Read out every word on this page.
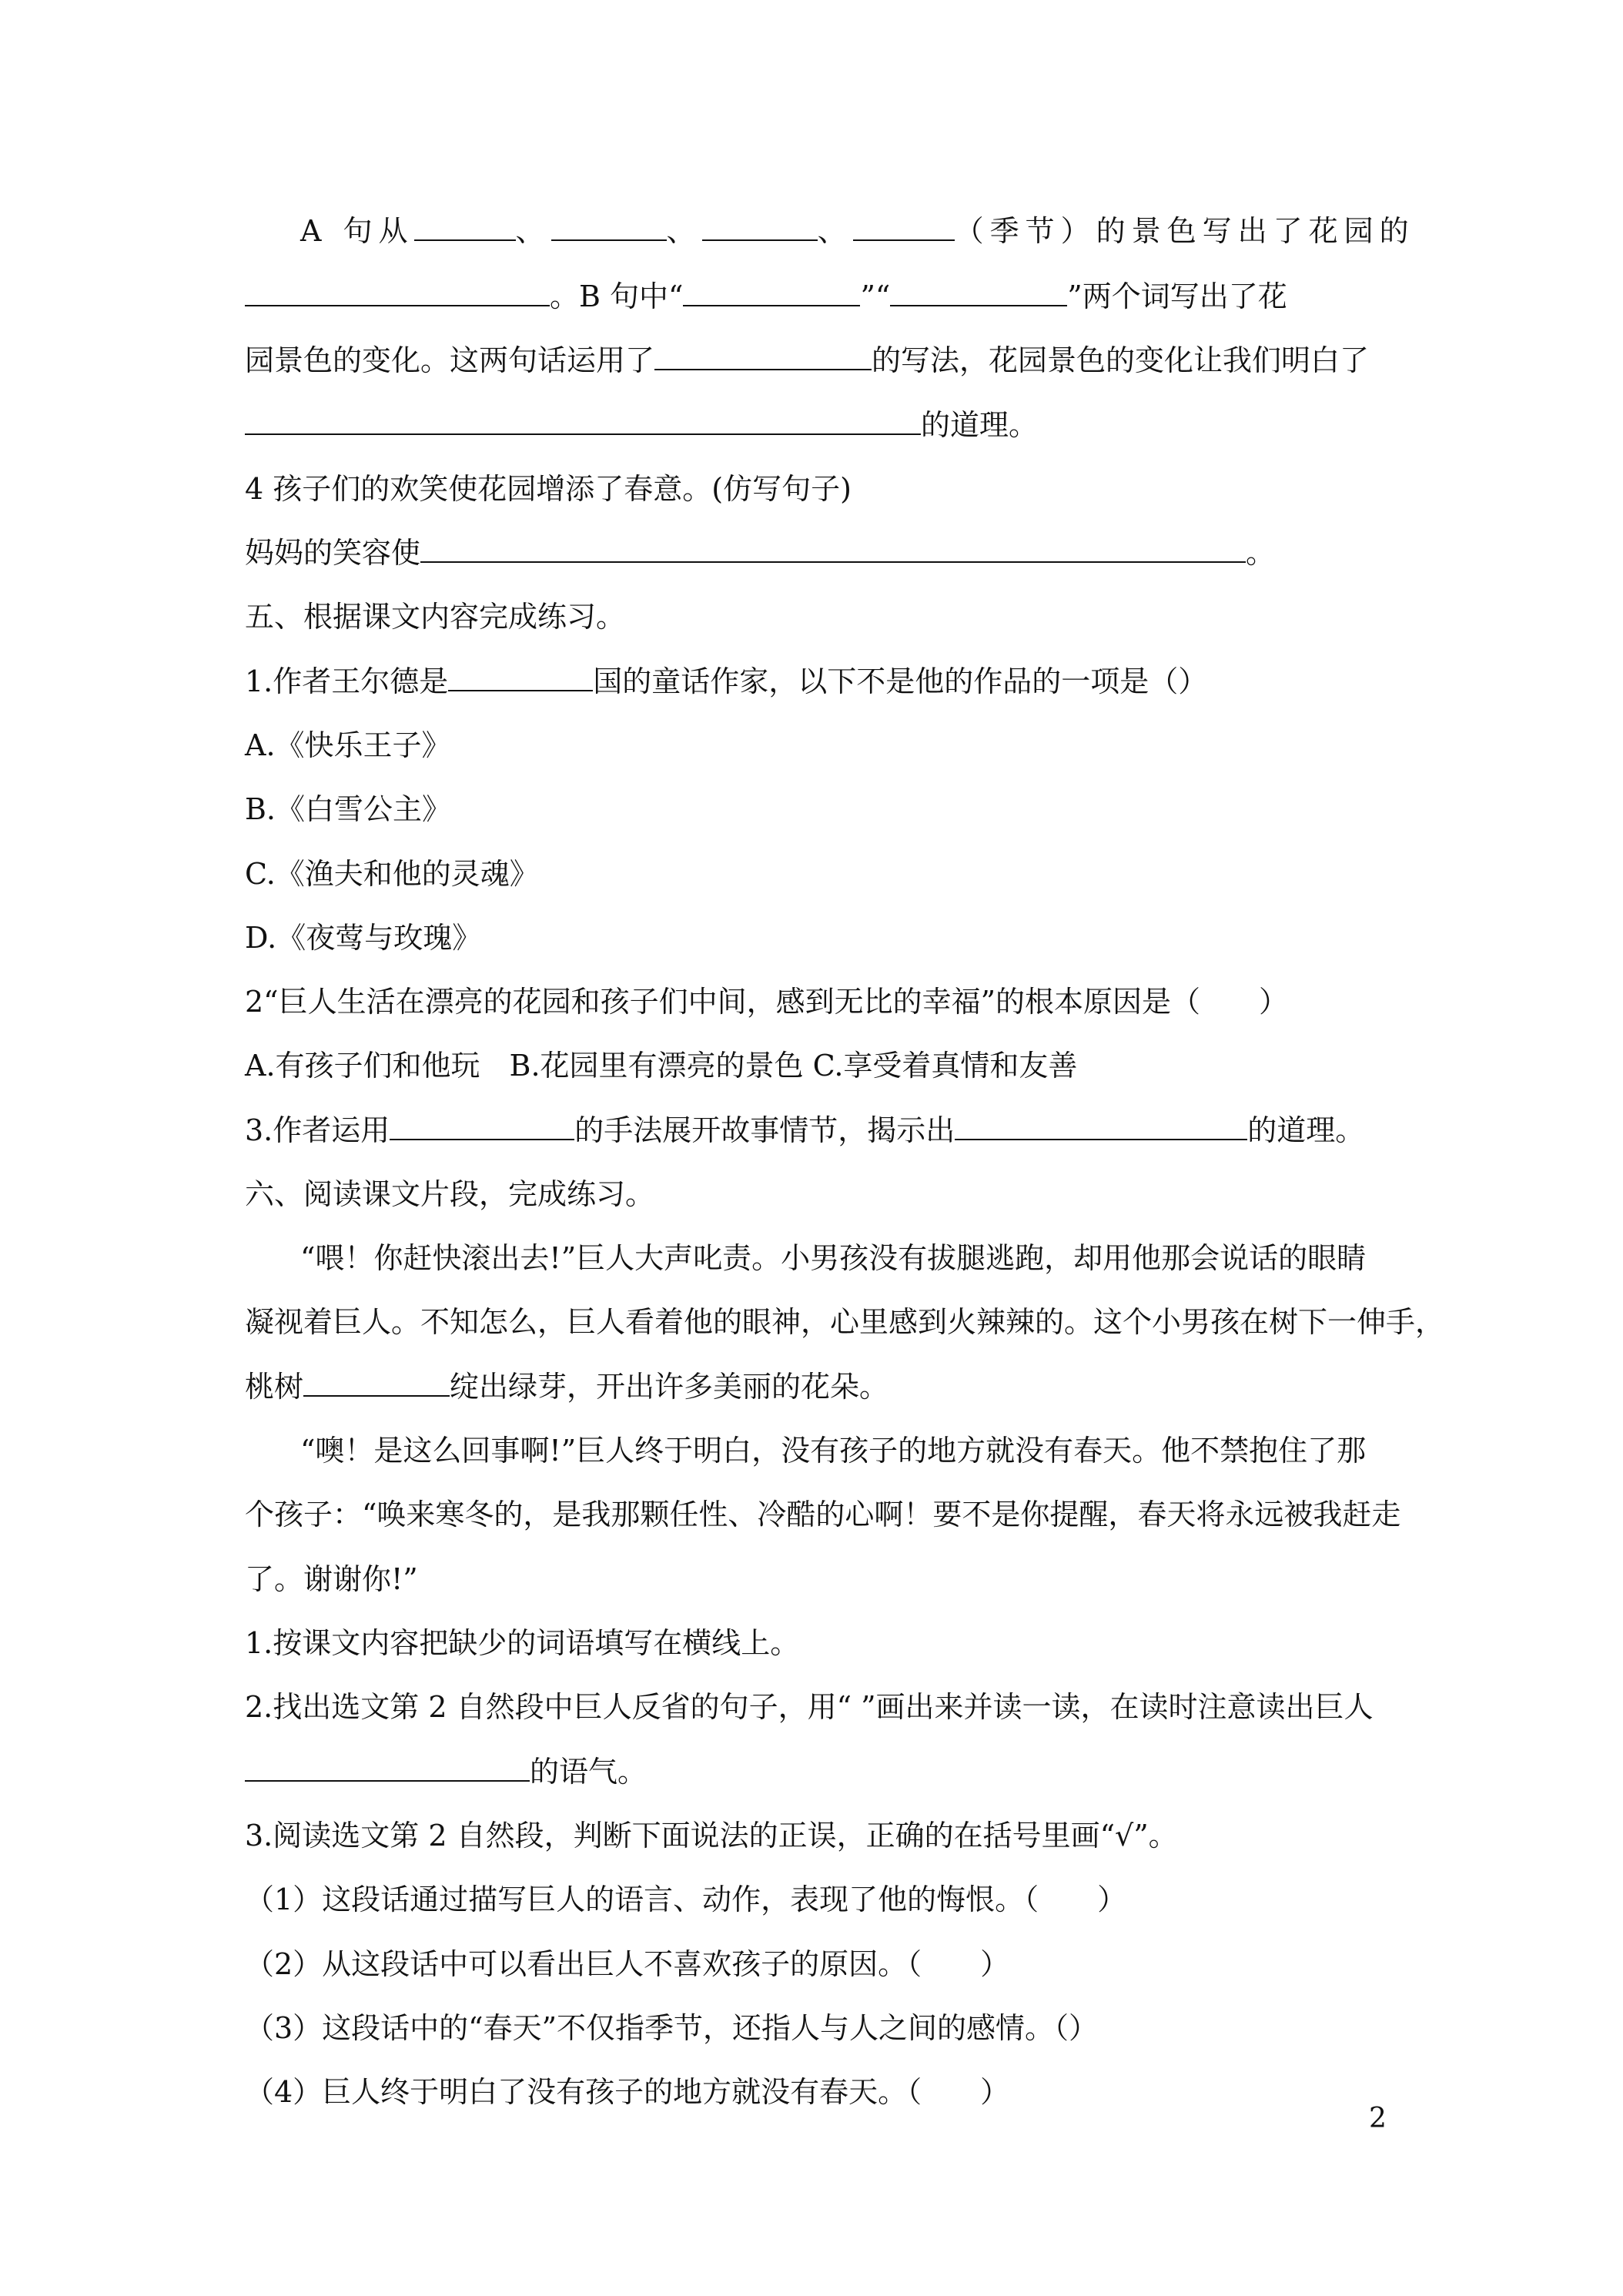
A 句从	、	、	、	（季节）的景色写出了花园的
。B 句中“	”“	”两个词写出了花
园景色的变化。这两句话运用了	的写法，花园景色的变化让我们明白了
的道理。
4 孩子们的欢笑使花园增添了春意。(仿写句子)
妈妈的笑容使	。
五、根据课文内容完成练习。
1.作者王尔德是	国的童话作家，以下不是他的作品的一项是（）
A.《快乐王子》
B.《白雪公主》
C.《渔夫和他的灵魂》
D.《夜莺与玫瑰》
2“巨人生活在漂亮的花园和孩子们中间，感到无比的幸福”的根本原因是（　　）
A.有孩子们和他玩　B.花园里有漂亮的景色 C.享受着真情和友善
3.作者运用	的手法展开故事情节，揭示出	的道理。
六、阅读课文片段，完成练习。
“喂！你赶快滚出去!”巨人大声叱责。小男孩没有拔腿逃跑，却用他那会说话的眼睛
凝视着巨人。不知怎么，巨人看着他的眼神，心里感到火辣辣的。这个小男孩在树下一伸手，
桃树	绽出绿芽，开出许多美丽的花朵。
“噢！是这么回事啊!”巨人终于明白，没有孩子的地方就没有春天。他不禁抱住了那
个孩子：“唤来寒冬的，是我那颗任性、冷酷的心啊！要不是你提醒，春天将永远被我赶走
了。谢谢你!”
1.按课文内容把缺少的词语填写在横线上。
2.找出选文第 2 自然段中巨人反省的句子，用“ ”画出来并读一读，在读时注意读出巨人
的语气。
3.阅读选文第 2 自然段，判断下面说法的正误，正确的在括号里画“√”。
（1）这段话通过描写巨人的语言、动作，表现了他的悔恨。（　　）
（2）从这段话中可以看出巨人不喜欢孩子的原因。（　　）
（3）这段话中的“春天”不仅指季节，还指人与人之间的感情。（）
（4）巨人终于明白了没有孩子的地方就没有春天。（　　）
2
